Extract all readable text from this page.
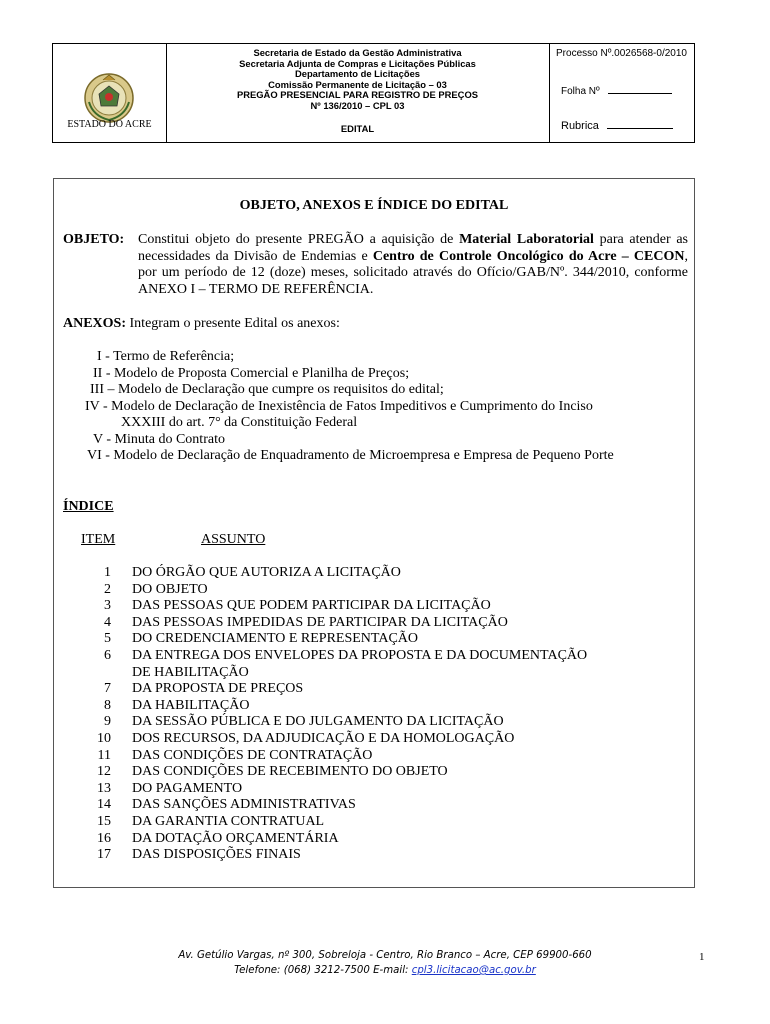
ESTADO DO ACRE
Secretaria de Estado da Gestão Administrativa
Secretaria Adjunta de Compras e Licitações Públicas
Departamento de Licitações
Comissão Permanente de Licitação – 03
PREGÃO PRESENCIAL PARA REGISTRO DE PREÇOS
Nº 136/2010 – CPL 03
EDITAL
Processo Nº.0026568-0/2010
Folha Nº
Rubrica
OBJETO, ANEXOS E ÍNDICE DO EDITAL
OBJETO: Constitui objeto do presente PREGÃO a aquisição de Material Laboratorial para atender as necessidades da Divisão de Endemias e Centro de Controle Oncológico do Acre – CECON, por um período de 12 (doze) meses, solicitado através do Ofício/GAB/Nº. 344/2010, conforme ANEXO I – TERMO DE REFERÊNCIA.
ANEXOS: Integram o presente Edital os anexos:
I - Termo de Referência;
II - Modelo de Proposta Comercial e Planilha de Preços;
III – Modelo de Declaração que cumpre os requisitos do edital;
IV - Modelo de Declaração de Inexistência de Fatos Impeditivos e Cumprimento do Inciso
XXXIII do art. 7° da Constituição Federal
V - Minuta do Contrato
VI - Modelo de Declaração de Enquadramento de Microempresa e Empresa de Pequeno Porte
ÍNDICE
ITEM	ASSUNTO
1 DO ÓRGÃO QUE AUTORIZA A LICITAÇÃO
2 DO OBJETO
3 DAS PESSOAS QUE PODEM PARTICIPAR DA LICITAÇÃO
4 DAS PESSOAS IMPEDIDAS DE PARTICIPAR DA LICITAÇÃO
5 DO CREDENCIAMENTO E REPRESENTAÇÃO
6 DA ENTREGA DOS ENVELOPES DA PROPOSTA E DA DOCUMENTAÇÃO
DE HABILITAÇÃO
7 DA PROPOSTA DE PREÇOS
8 DA HABILITAÇÃO
9 DA SESSÃO PÚBLICA E DO JULGAMENTO DA LICITAÇÃO
10 DOS RECURSOS, DA ADJUDICAÇÃO E DA HOMOLOGAÇÃO
11 DAS CONDIÇÕES DE CONTRATAÇÃO
12 DAS CONDIÇÕES DE RECEBIMENTO DO OBJETO
13 DO PAGAMENTO
14 DAS SANÇÕES ADMINISTRATIVAS
15 DA GARANTIA CONTRATUAL
16 DA DOTAÇÃO ORÇAMENTÁRIA
17 DAS DISPOSIÇÕES FINAIS
Av. Getúlio Vargas, nº 300, Sobreloja - Centro, Rio Branco – Acre, CEP 69900-660
Telefone: (068) 3212-7500 E-mail: cpl3.licitacao@ac.gov.br
1
